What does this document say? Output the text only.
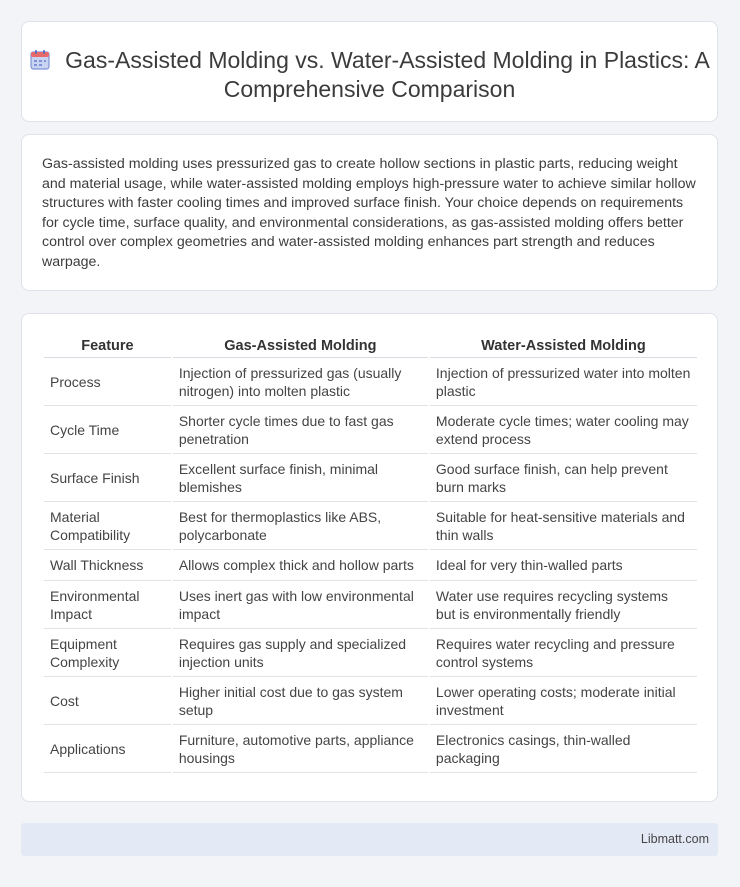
Gas-Assisted Molding vs. Water-Assisted Molding in Plastics: A Comprehensive Comparison
Gas-assisted molding uses pressurized gas to create hollow sections in plastic parts, reducing weight and material usage, while water-assisted molding employs high-pressure water to achieve similar hollow structures with faster cooling times and improved surface finish. Your choice depends on requirements for cycle time, surface quality, and environmental considerations, as gas-assisted molding offers better control over complex geometries and water-assisted molding enhances part strength and reduces warpage.
Feature	Gas-Assisted Molding	Water-Assisted Molding
Process	Injection of pressurized gas (usually nitrogen) into molten plastic	Injection of pressurized water into molten plastic
Cycle Time	Shorter cycle times due to fast gas penetration	Moderate cycle times; water cooling may extend process
Surface Finish	Excellent surface finish, minimal blemishes	Good surface finish, can help prevent burn marks
Material Compatibility	Best for thermoplastics like ABS, polycarbonate	Suitable for heat-sensitive materials and thin walls
Wall Thickness	Allows complex thick and hollow parts	Ideal for very thin-walled parts
Environmental Impact	Uses inert gas with low environmental impact	Water use requires recycling systems but is environmentally friendly
Equipment Complexity	Requires gas supply and specialized injection units	Requires water recycling and pressure control systems
Cost	Higher initial cost due to gas system setup	Lower operating costs; moderate initial investment
Applications	Furniture, automotive parts, appliance housings	Electronics casings, thin-walled packaging
Libmatt.com
